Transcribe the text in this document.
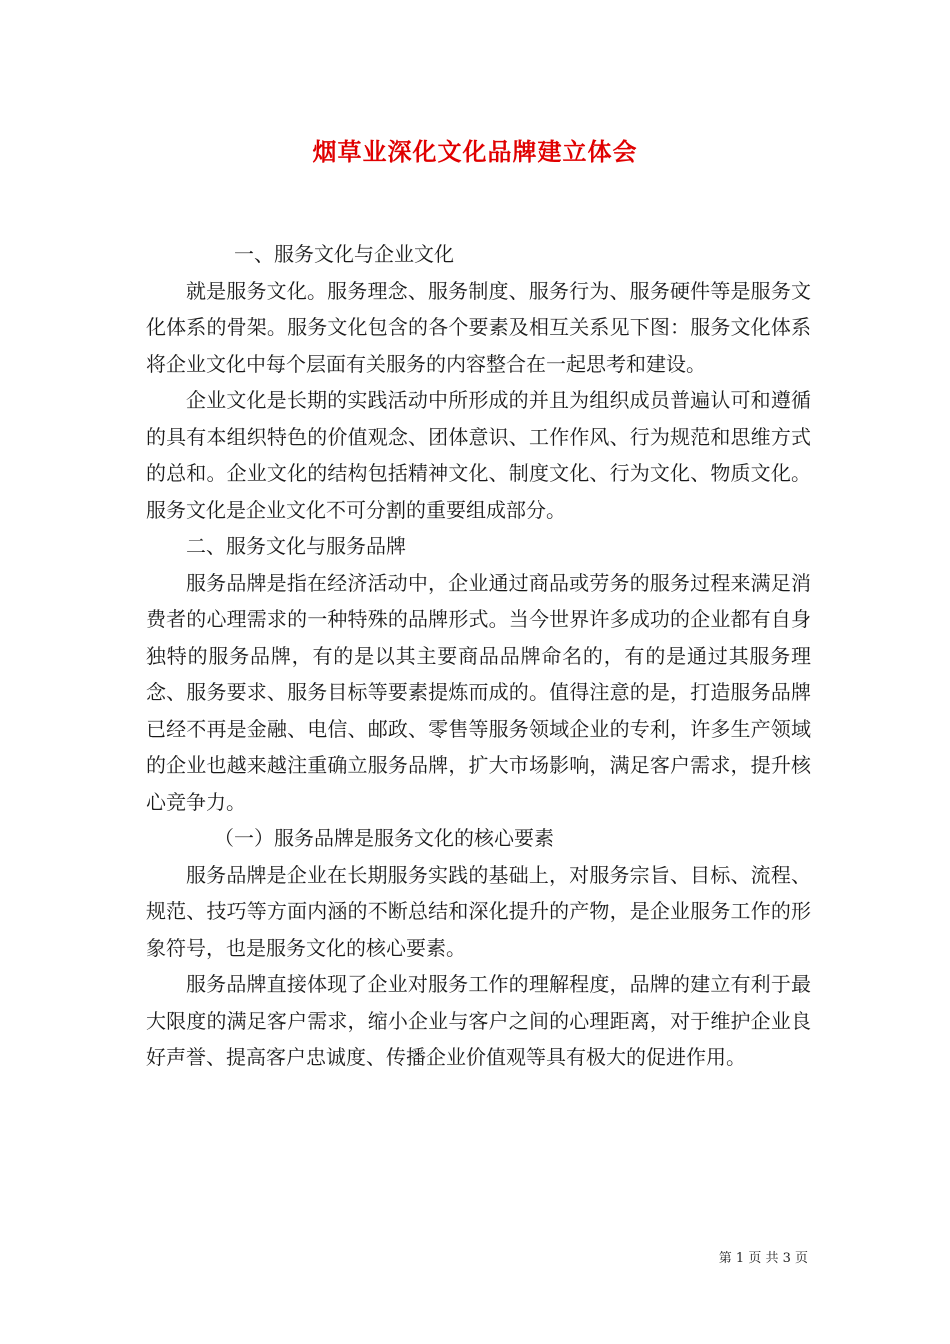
烟草业深化文化品牌建立体会

一、服务文化与企业文化

就是服务文化。服务理念、服务制度、服务行为、服务硬件等是服务文化体系的骨架。服务文化包含的各个要素及相互关系见下图：服务文化体系将企业文化中每个层面有关服务的内容整合在一起思考和建设。

企业文化是长期的实践活动中所形成的并且为组织成员普遍认可和遵循的具有本组织特色的价值观念、团体意识、工作作风、行为规范和思维方式的总和。企业文化的结构包括精神文化、制度文化、行为文化、物质文化。服务文化是企业文化不可分割的重要组成部分。

二、服务文化与服务品牌

服务品牌是指在经济活动中，企业通过商品或劳务的服务过程来满足消费者的心理需求的一种特殊的品牌形式。当今世界许多成功的企业都有自身独特的服务品牌，有的是以其主要商品品牌命名的，有的是通过其服务理念、服务要求、服务目标等要素提炼而成的。值得注意的是，打造服务品牌已经不再是金融、电信、邮政、零售等服务领域企业的专利，许多生产领域的企业也越来越注重确立服务品牌，扩大市场影响，满足客户需求，提升核心竞争力。

（一）服务品牌是服务文化的核心要素

服务品牌是企业在长期服务实践的基础上，对服务宗旨、目标、流程、规范、技巧等方面内涵的不断总结和深化提升的产物，是企业服务工作的形象符号，也是服务文化的核心要素。

服务品牌直接体现了企业对服务工作的理解程度，品牌的建立有利于最大限度的满足客户需求，缩小企业与客户之间的心理距离，对于维护企业良好声誉、提高客户忠诚度、传播企业价值观等具有极大的促进作用。

第 1 页 共 3 页
